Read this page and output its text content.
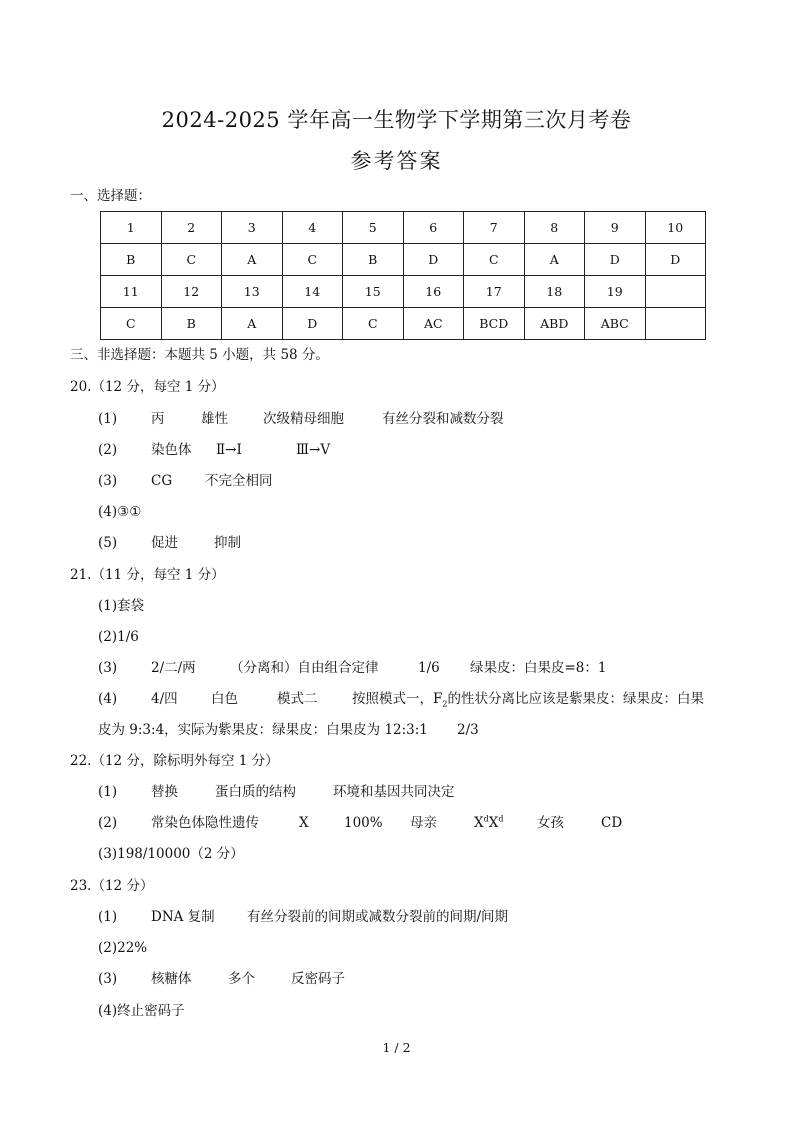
2024-2025 学年高一生物学下学期第三次月考卷
参考答案
一、选择题：
1	2	3	4	5	6	7	8	9	10
B	C	A	C	B	D	C	A	D	D
11	12	13	14	15	16	17	18	19	
C	B	A	D	C	AC	BCD	ABD	ABC	
三、非选择题：本题共 5 小题，共 58 分。
20.（12 分，每空 1 分）
(1)	丙	雄性	次级精母细胞	有丝分裂和减数分裂
(2)	染色体 Ⅱ→Ⅰ	Ⅲ→Ⅴ
(3)	CG 不完全相同
(4)③①
(5)	促进	抑制
21.（11 分，每空 1 分）
(1)套袋
(2)1/6
(3)	2/二/两	（分离和）自由组合定律	1/6 绿果皮：白果皮=8：1
(4)	4/四 白色	模式二	按照模式一，$F_2$的性状分离比应该是紫果皮：绿果皮：白果
皮为 9:3:4，实际为紫果皮：绿果皮：白果皮为 12:3:1 2/3
22.（12 分，除标明外每空 1 分）
(1)	替换	蛋白质的结构	环境和基因共同决定
(2)	常染色体隐性遗传	X	100% 母亲	$X^dX^d$ 女孩	CD
(3)198/10000（2 分）
23.（12 分）
(1)	DNA 复制 有丝分裂前的间期或减数分裂前的间期/间期
(2)22%
(3)	核糖体	多个	反密码子
(4)终止密码子
1 / 2
